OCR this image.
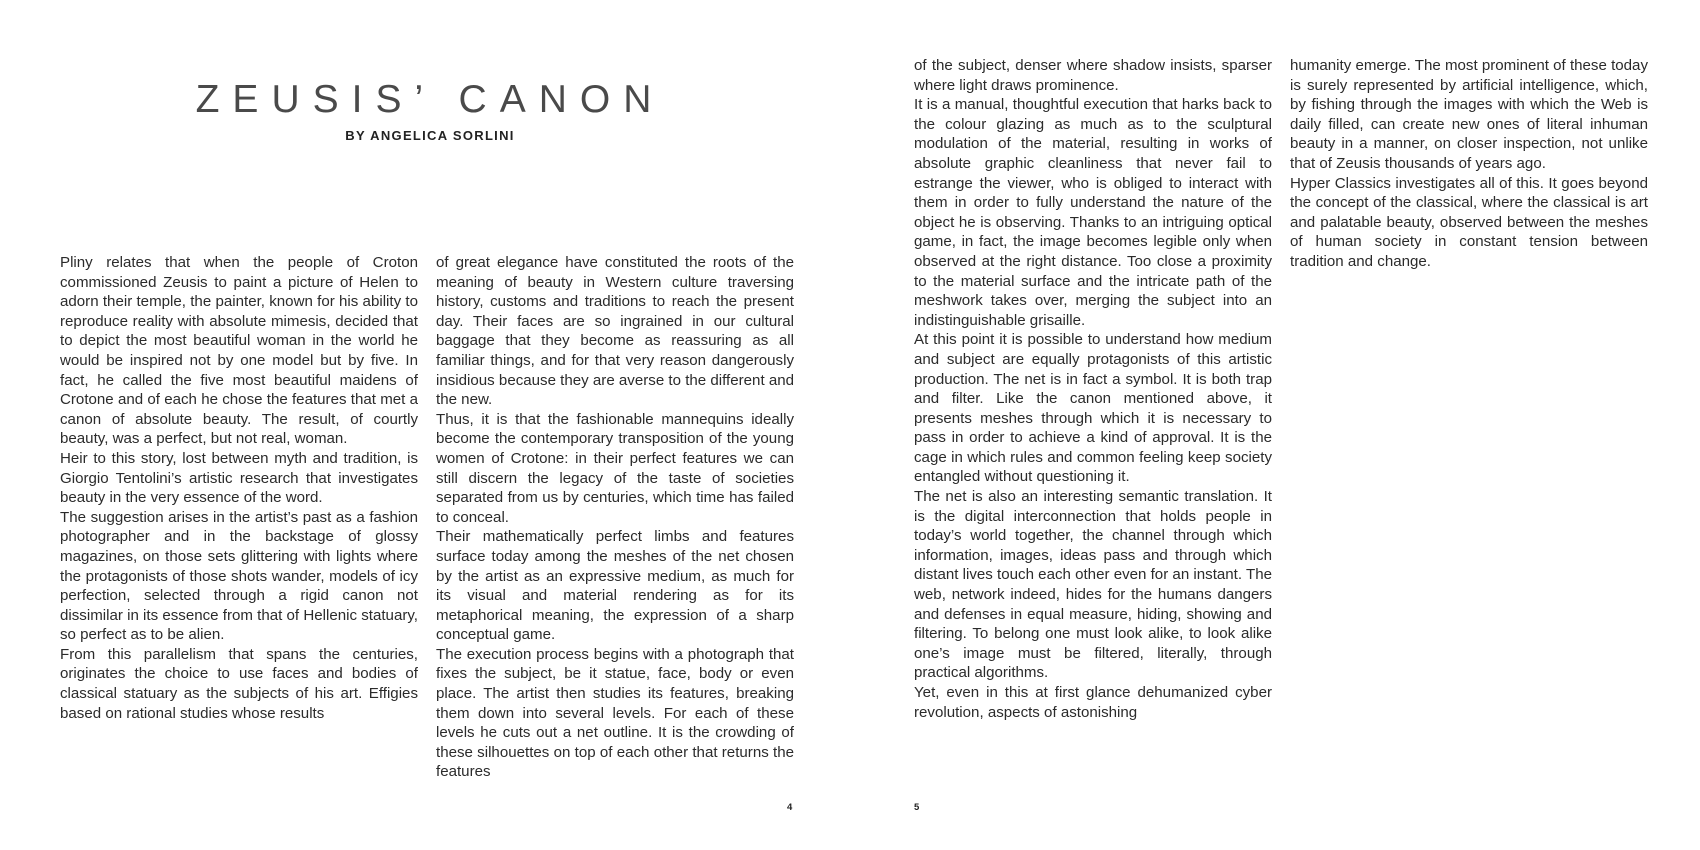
ZEUSIS’ CANON
BY ANGELICA SORLINI

Pliny relates that when the people of Croton commissioned Zeusis to paint a picture of Helen to adorn their temple, the painter, known for his ability to reproduce reality with absolute mimesis, decided that to depict the most beautiful woman in the world he would be inspired not by one model but by five. In fact, he called the five most beautiful maidens of Crotone and of each he chose the features that met a canon of absolute beauty. The result, of courtly beauty, was a perfect, but not real, woman.

Heir to this story, lost between myth and tradition, is Giorgio Tentolini’s artistic research that investigates beauty in the very essence of the word.

The suggestion arises in the artist’s past as a fashion photographer and in the backstage of glossy magazines, on those sets glittering with lights where the protagonists of those shots wander, models of icy perfection, selected through a rigid canon not dissimilar in its essence from that of Hellenic statuary, so perfect as to be alien.

From this parallelism that spans the centuries, originates the choice to use faces and bodies of classical statuary as the subjects of his art. Effigies based on rational studies whose results

of great elegance have constituted the roots of the meaning of beauty in Western culture traversing history, customs and traditions to reach the present day. Their faces are so ingrained in our cultural baggage that they become as reassuring as all familiar things, and for that very reason dangerously insidious because they are averse to the different and the new.

Thus, it is that the fashionable mannequins ideally become the contemporary transposition of the young women of Crotone: in their perfect features we can still discern the legacy of the taste of societies separated from us by centuries, which time has failed to conceal.

Their mathematically perfect limbs and features surface today among the meshes of the net chosen by the artist as an expressive medium, as much for its visual and material rendering as for its metaphorical meaning, the expression of a sharp conceptual game.

The execution process begins with a photograph that fixes the subject, be it statue, face, body or even place. The artist then studies its features, breaking them down into several levels. For each of these levels he cuts out a net outline. It is the crowding of these silhouettes on top of each other that returns the features

of the subject, denser where shadow insists, sparser where light draws prominence.

It is a manual, thoughtful execution that harks back to the colour glazing as much as to the sculptural modulation of the material, resulting in works of absolute graphic cleanliness that never fail to estrange the viewer, who is obliged to interact with them in order to fully understand the nature of the object he is observing. Thanks to an intriguing optical game, in fact, the image becomes legible only when observed at the right distance. Too close a proximity to the material surface and the intricate path of the meshwork takes over, merging the subject into an indistinguishable grisaille.

At this point it is possible to understand how medium and subject are equally protagonists of this artistic production. The net is in fact a symbol. It is both trap and filter. Like the canon mentioned above, it presents meshes through which it is necessary to pass in order to achieve a kind of approval. It is the cage in which rules and common feeling keep society entangled without questioning it.

The net is also an interesting semantic translation. It is the digital interconnection that holds people in today’s world together, the channel through which information, images, ideas pass and through which distant lives touch each other even for an instant. The web, network indeed, hides for the humans dangers and defenses in equal measure, hiding, showing and filtering. To belong one must look alike, to look alike one’s image must be filtered, literally, through practical algorithms.

Yet, even in this at first glance dehumanized cyber revolution, aspects of astonishing

humanity emerge. The most prominent of these today is surely represented by artificial intelligence, which, by fishing through the images with which the Web is daily filled, can create new ones of literal inhuman beauty in a manner, on closer inspection, not unlike that of Zeusis thousands of years ago.

Hyper Classics investigates all of this. It goes beyond the concept of the classical, where the classical is art and palatable beauty, observed between the meshes of human society in constant tension between tradition and change.

4	5
